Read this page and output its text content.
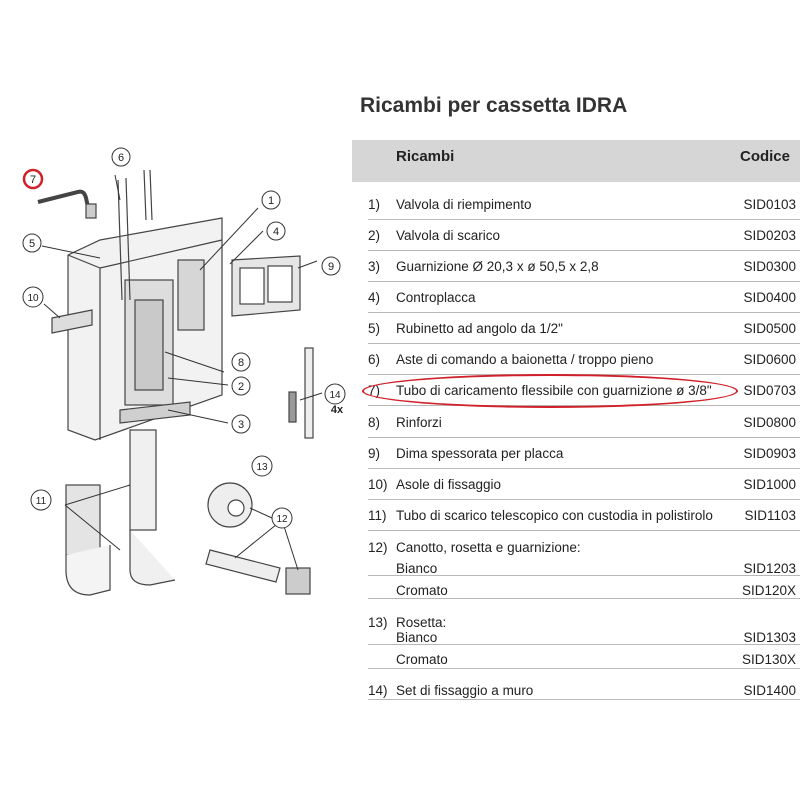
Ricambi per cassetta IDRA
Ricambi	Codice
1) Valvola di riempimento	SID0103
2) Valvola di scarico	SID0203
3) Guarnizione Ø 20,3 x ø 50,5 x 2,8	SID0300
4) Controplacca	SID0400
5) Rubinetto ad angolo da 1/2"	SID0500
6) Aste di comando a baionetta / troppo pieno	SID0600
7) Tubo di caricamento flessibile con guarnizione ø 3/8" SID0703
8) Rinforzi	SID0800
9) Dima spessorata per placca	SID0903
10) Asole di fissaggio	SID1000
11) Tubo di scarico telescopico con custodia in polistirolo SID1103
12) Canotto, rosetta e guarnizione:
Bianco	SID1203
Cromato	SID120X
13) Rosetta:
Bianco	SID1303
Cromato	SID130X
14) Set di fissaggio a muro	SID1400
1
2
3
4
5
6
7
8
9
10
11
12
13
14
4x
